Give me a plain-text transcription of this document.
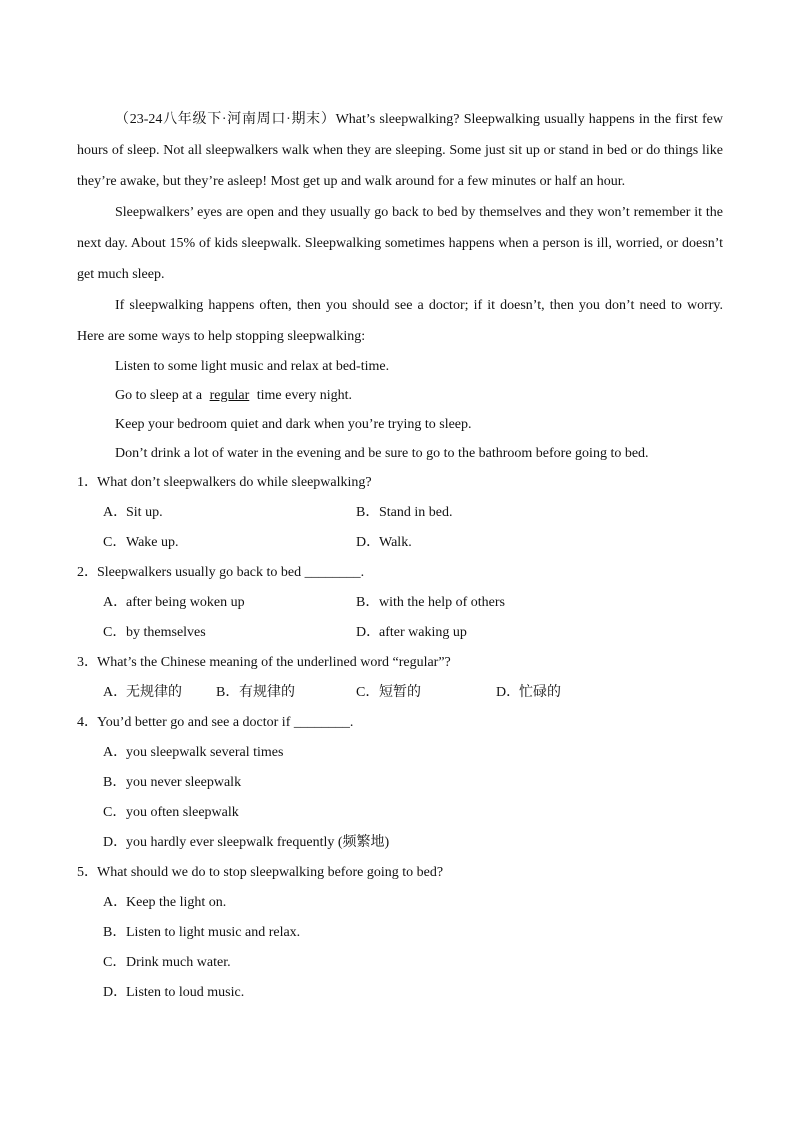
（23-24八年级下·河南周口·期末）What’s sleepwalking? Sleepwalking usually happens in the first few hours of sleep. Not all sleepwalkers walk when they are sleeping. Some just sit up or stand in bed or do things like they’re awake, but they’re asleep! Most get up and walk around for a few minutes or half an hour.

Sleepwalkers’ eyes are open and they usually go back to bed by themselves and they won’t remember it the next day. About 15% of kids sleepwalk. Sleepwalking sometimes happens when a person is ill, worried, or doesn’t get much sleep.

If sleepwalking happens often, then you should see a doctor; if it doesn’t, then you don’t need to worry. Here are some ways to help stopping sleepwalking:

Listen to some light music and relax at bed-time.

Go to sleep at a regular time every night.

Keep your bedroom quiet and dark when you’re trying to sleep.

Don’t drink a lot of water in the evening and be sure to go to the bathroom before going to bed.

1．What don’t sleepwalkers do while sleepwalking?
A．Sit up.	B．Stand in bed.
C．Wake up.	D．Walk.
2．Sleepwalkers usually go back to bed ________.
A．after being woken up	B．with the help of others
C．by themselves	D．after waking up
3．What’s the Chinese meaning of the underlined word “regular”?
A．无规律的	B．有规律的	C．短暂的	D．忙碌的
4．You’d better go and see a doctor if ________.
A．you sleepwalk several times
B．you never sleepwalk
C．you often sleepwalk
D．you hardly ever sleepwalk frequently (频繁地)
5．What should we do to stop sleepwalking before going to bed?
A．Keep the light on.
B．Listen to light music and relax.
C．Drink much water.
D．Listen to loud music.
